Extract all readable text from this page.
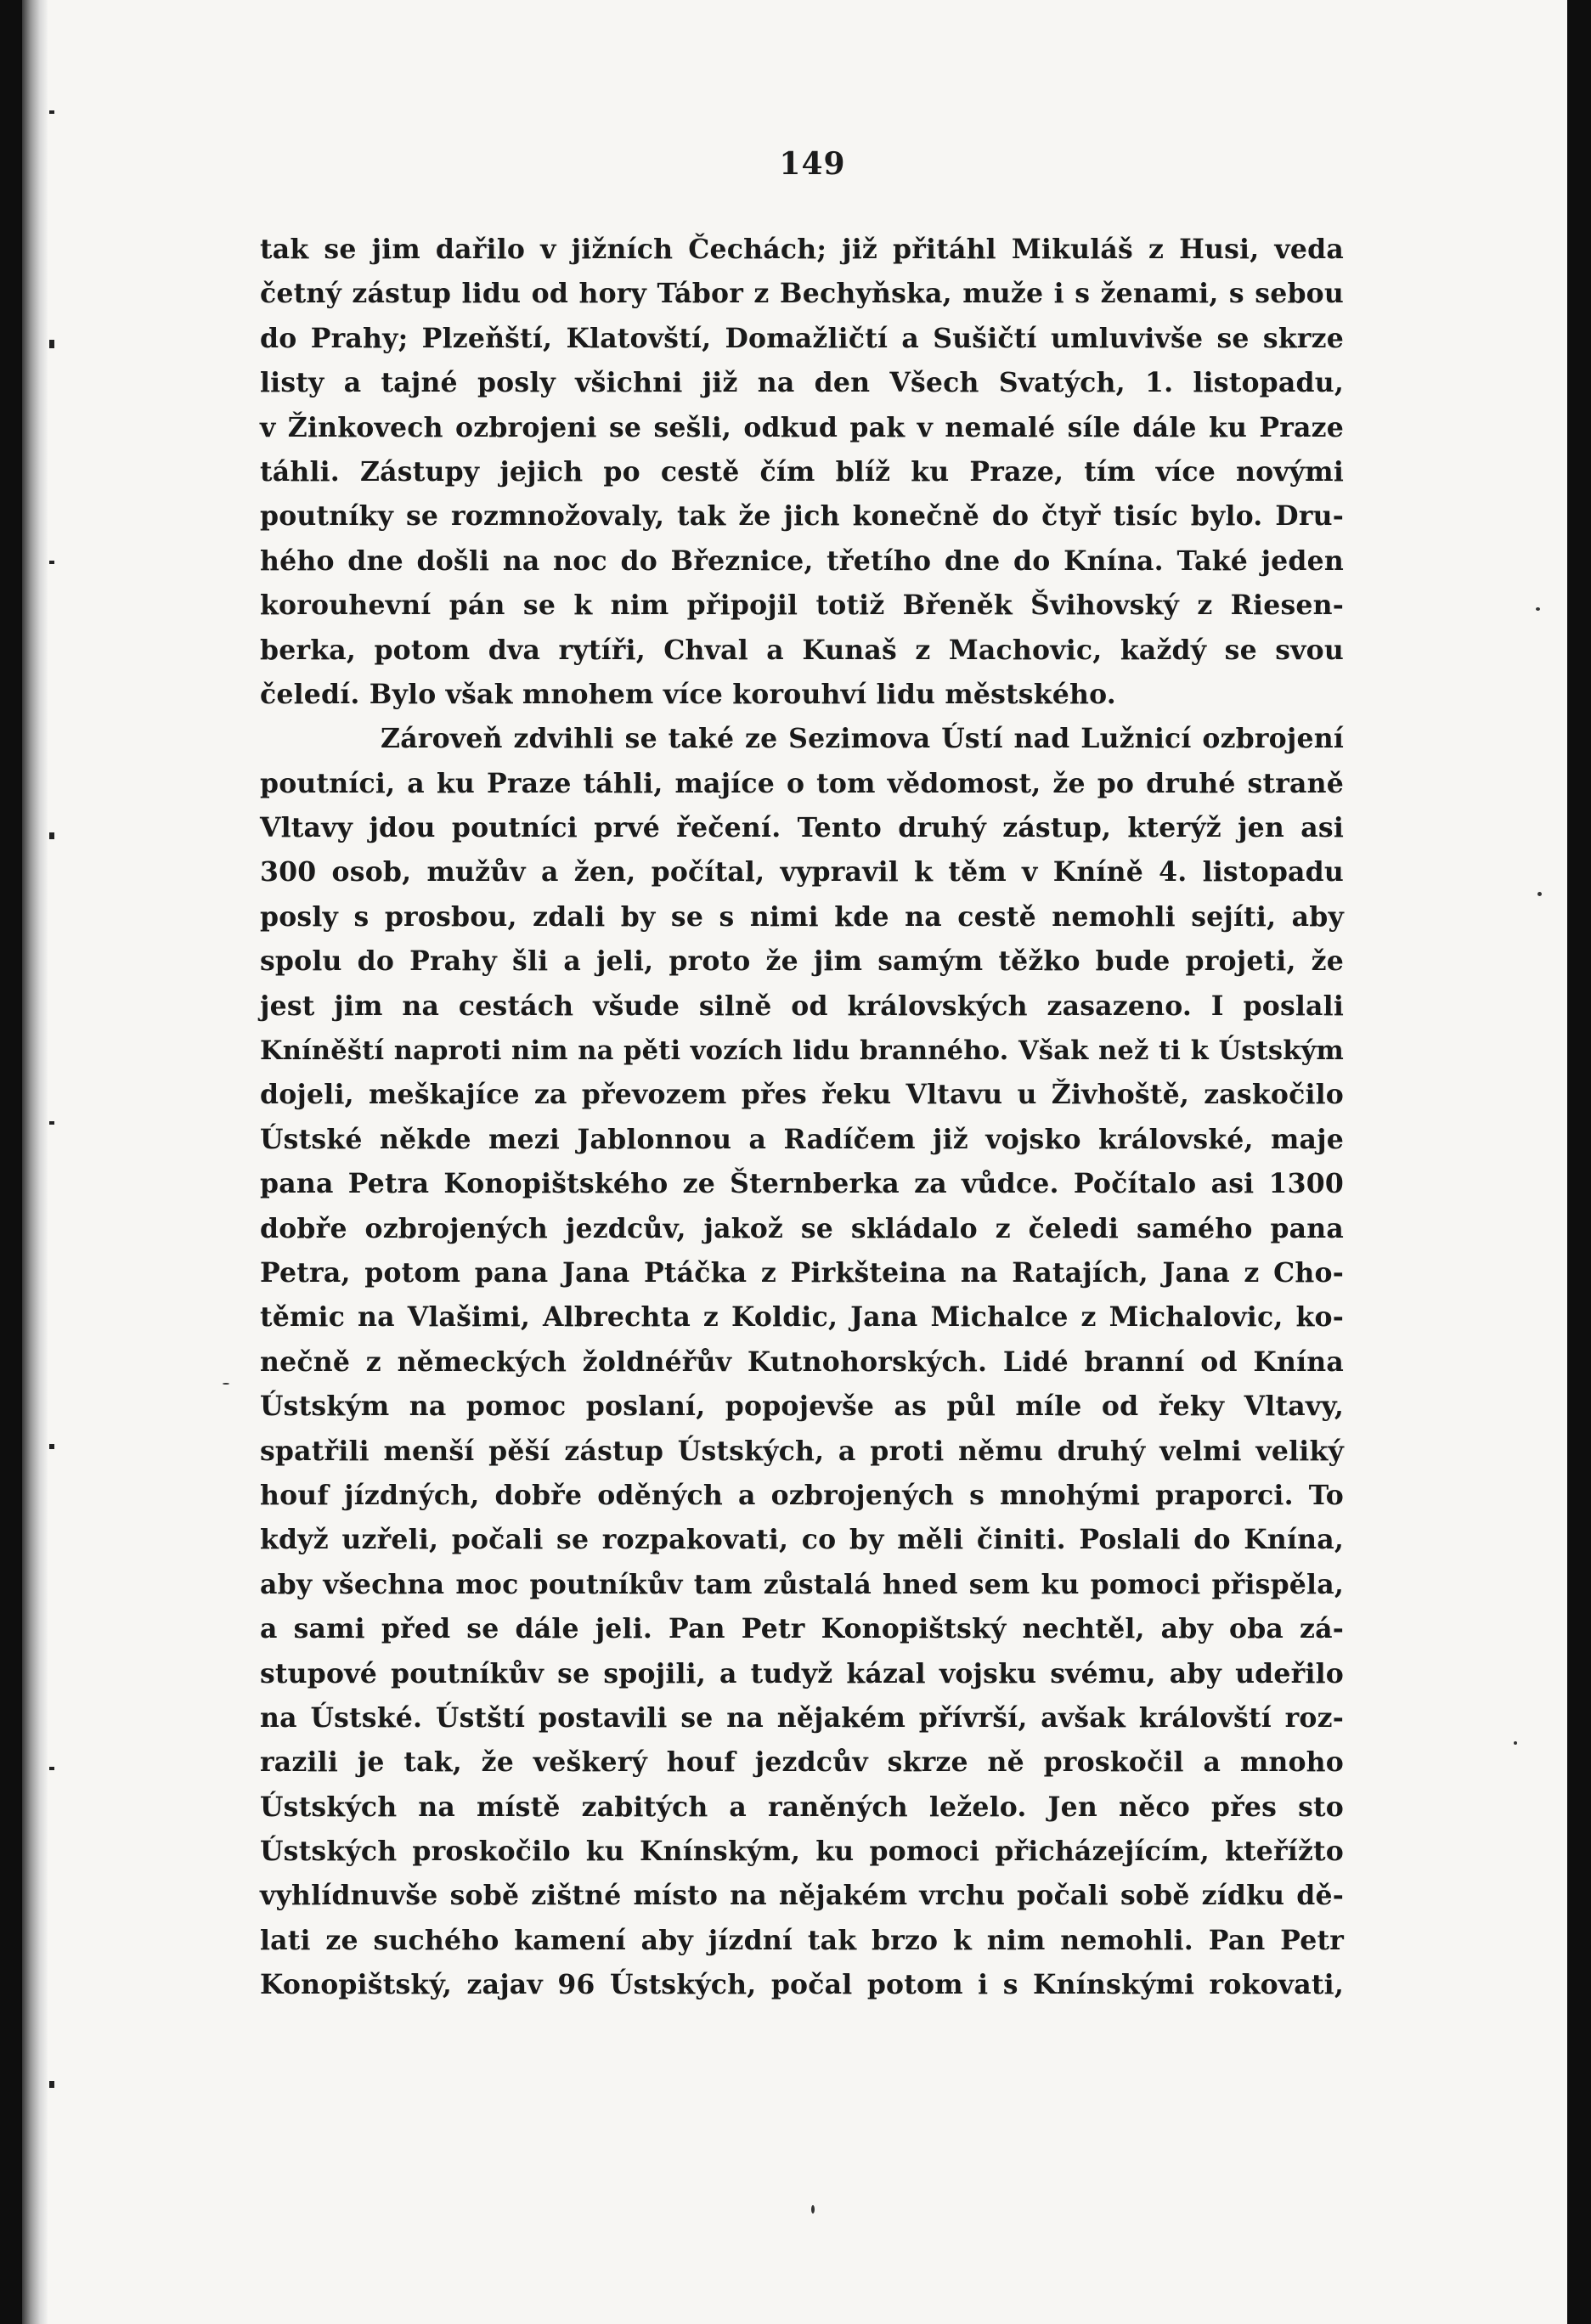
149
tak se jim dařilo v jižních Čechách; již přitáhl Mikuláš z Husi, veda
četný zástup lidu od hory Tábor z Bechyňska, muže i s ženami, s sebou
do Prahy; Plzeňští, Klatovští, Domažličtí a Sušičtí umluvivše se skrze
listy a tajné posly všichni již na den Všech Svatých, 1. listopadu,
v Žinkovech ozbrojeni se sešli, odkud pak v nemalé síle dále ku Praze
táhli. Zástupy jejich po cestě čím blíž ku Praze, tím více novými
poutníky se rozmnožovaly, tak že jich konečně do čtyř tisíc bylo. Dru-
hého dne došli na noc do Březnice, třetího dne do Knína. Také jeden
korouhevní pán se k nim připojil totiž Břeněk Švihovský z Riesen-
berka, potom dva rytíři, Chval a Kunaš z Machovic, každý se svou
čeledí. Bylo však mnohem více korouhví lidu městského.
Zároveň zdvihli se také ze Sezimova Ústí nad Lužnicí ozbrojení
poutníci, a ku Praze táhli, majíce o tom vědomost, že po druhé straně
Vltavy jdou poutníci prvé řečení. Tento druhý zástup, kterýž jen asi
300 osob, mužův a žen, počítal, vypravil k těm v Kníně 4. listopadu
posly s prosbou, zdali by se s nimi kde na cestě nemohli sejíti, aby
spolu do Prahy šli a jeli, proto že jim samým těžko bude projeti, že
jest jim na cestách všude silně od královských zasazeno. I poslali
Kníněští naproti nim na pěti vozích lidu branného. Však než ti k Ústským
dojeli, meškajíce za převozem přes řeku Vltavu u Živhoště, zaskočilo
Ústské někde mezi Jablonnou a Radíčem již vojsko královské, maje
pana Petra Konopištského ze Šternberka za vůdce. Počítalo asi 1300
dobře ozbrojených jezdcův, jakož se skládalo z čeledi samého pana
Petra, potom pana Jana Ptáčka z Pirkšteina na Ratajích, Jana z Cho-
těmic na Vlašimi, Albrechta z Koldic, Jana Michalce z Michalovic, ko-
nečně z německých žoldnéřův Kutnohorských. Lidé branní od Knína
Ústským na pomoc poslaní, popojevše as půl míle od řeky Vltavy,
spatřili menší pěší zástup Ústských, a proti němu druhý velmi veliký
houf jízdných, dobře oděných a ozbrojených s mnohými praporci. To
když uzřeli, počali se rozpakovati, co by měli činiti. Poslali do Knína,
aby všechna moc poutníkův tam zůstalá hned sem ku pomoci přispěla,
a sami před se dále jeli. Pan Petr Konopištský nechtěl, aby oba zá-
stupové poutníkův se spojili, a tudyž kázal vojsku svému, aby udeřilo
na Ústské. Ústští postavili se na nějakém přívrší, avšak královští roz-
razili je tak, že veškerý houf jezdcův skrze ně proskočil a mnoho
Ústských na místě zabitých a raněných leželo. Jen něco přes sto
Ústských proskočilo ku Knínským, ku pomoci přicházejícím, kteřížto
vyhlídnuvše sobě zištné místo na nějakém vrchu počali sobě zídku dě-
lati ze suchého kamení aby jízdní tak brzo k nim nemohli. Pan Petr
Konopištský, zajav 96 Ústských, počal potom i s Knínskými rokovati,
